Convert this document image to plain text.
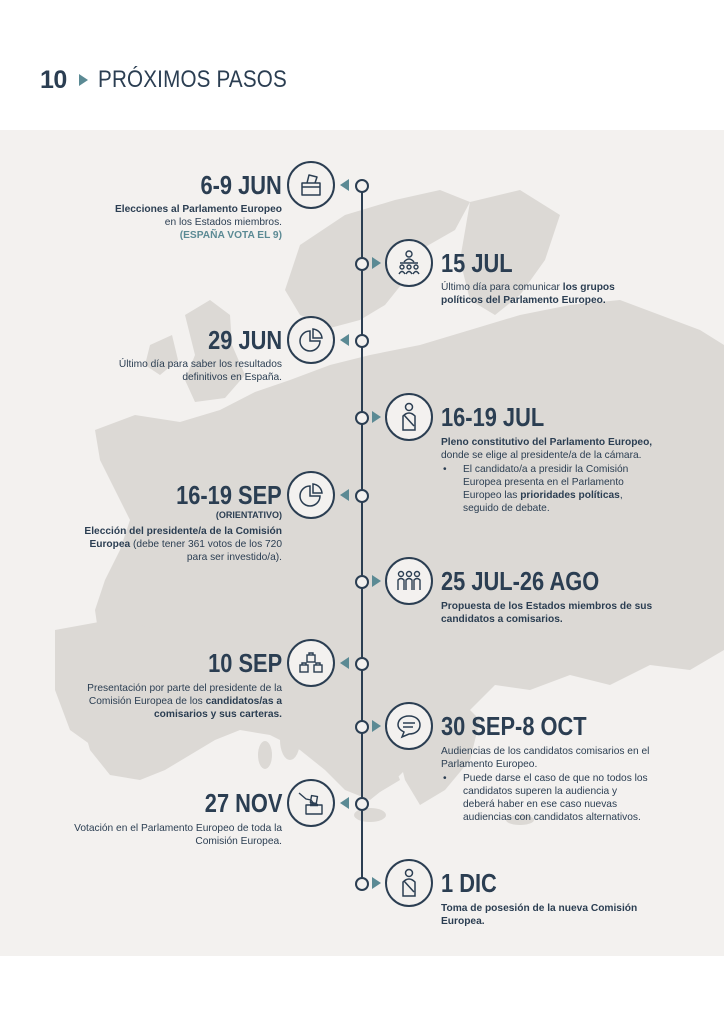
10 PRÓXIMOS PASOS
6-9 JUN
Elecciones al Parlamento Europeo
en los Estados miembros.
(ESPAÑA VOTA EL 9)
15 JUL
Último día para comunicar los grupos políticos del Parlamento Europeo.
29 JUN
Último día para saber los resultados definitivos en España.
16-19 JUL
Pleno constitutivo del Parlamento Europeo, donde se elige al presidente/a de la cámara.
• El candidato/a a presidir la Comisión Europea presenta en el Parlamento Europeo las prioridades políticas, seguido de debate.
16-19 SEP
(ORIENTATIVO)
Elección del presidente/a de la Comisión Europea (debe tener 361 votos de los 720 para ser investido/a).
25 JUL-26 AGO
Propuesta de los Estados miembros de sus candidatos a comisarios.
10 SEP
Presentación por parte del presidente de la Comisión Europea de los candidatos/as a comisarios y sus carteras.	30 SEP-8 OCT
Audiencias de los candidatos comisarios en el Parlamento Europeo.
• Puede darse el caso de que no todos los candidatos superen la audiencia y deberá haber en ese caso nuevas audiencias con candidatos alternativos.
27 NOV
Votación en el Parlamento Europeo de toda la Comisión Europea.
1 DIC
Toma de posesión de la nueva Comisión Europea.
